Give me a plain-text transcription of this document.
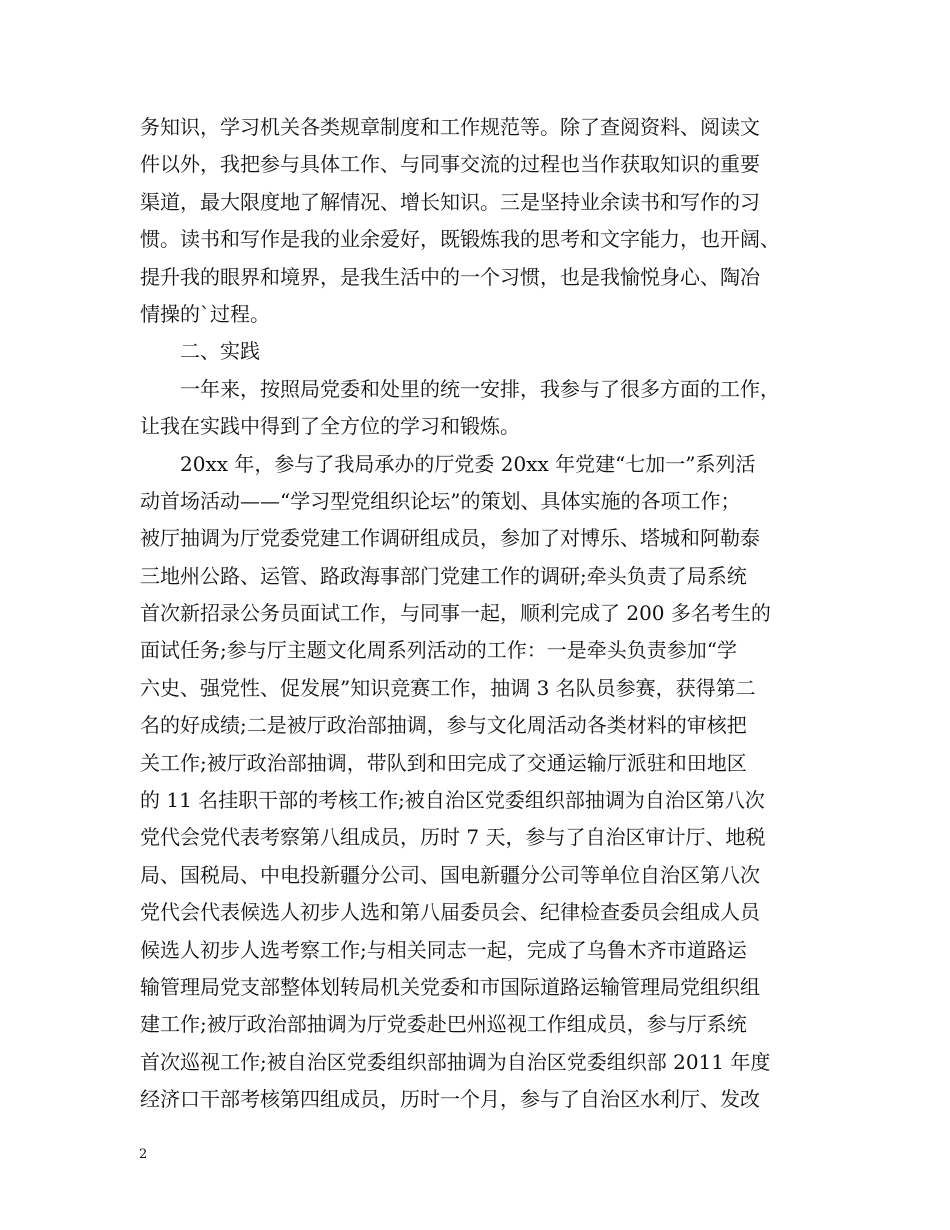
务知识，学习机关各类规章制度和工作规范等。除了查阅资料、阅读文
件以外，我把参与具体工作、与同事交流的过程也当作获取知识的重要
渠道，最大限度地了解情况、增长知识。三是坚持业余读书和写作的习
惯。读书和写作是我的业余爱好，既锻炼我的思考和文字能力，也开阔、
提升我的眼界和境界，是我生活中的一个习惯，也是我愉悦身心、陶冶
情操的`过程。
二、实践
一年来，按照局党委和处里的统一安排，我参与了很多方面的工作，
让我在实践中得到了全方位的学习和锻炼。
20xx 年，参与了我局承办的厅党委 20xx 年党建“七加一”系列活
动首场活动——“学习型党组织论坛”的策划、具体实施的各项工作；
被厅抽调为厅党委党建工作调研组成员，参加了对博乐、塔城和阿勒泰
三地州公路、运管、路政海事部门党建工作的调研;牵头负责了局系统
首次新招录公务员面试工作，与同事一起，顺利完成了 200 多名考生的
面试任务;参与厅主题文化周系列活动的工作：一是牵头负责参加“学
六史、强党性、促发展”知识竞赛工作，抽调 3 名队员参赛，获得第二
名的好成绩;二是被厅政治部抽调，参与文化周活动各类材料的审核把
关工作;被厅政治部抽调，带队到和田完成了交通运输厅派驻和田地区
的 11 名挂职干部的考核工作;被自治区党委组织部抽调为自治区第八次
党代会党代表考察第八组成员，历时 7 天，参与了自治区审计厅、地税
局、国税局、中电投新疆分公司、国电新疆分公司等单位自治区第八次
党代会代表候选人初步人选和第八届委员会、纪律检查委员会组成人员
候选人初步人选考察工作;与相关同志一起，完成了乌鲁木齐市道路运
输管理局党支部整体划转局机关党委和市国际道路运输管理局党组织组
建工作;被厅政治部抽调为厅党委赴巴州巡视工作组成员，参与厅系统
首次巡视工作;被自治区党委组织部抽调为自治区党委组织部 2011 年度
经济口干部考核第四组成员，历时一个月，参与了自治区水利厅、发改
2
